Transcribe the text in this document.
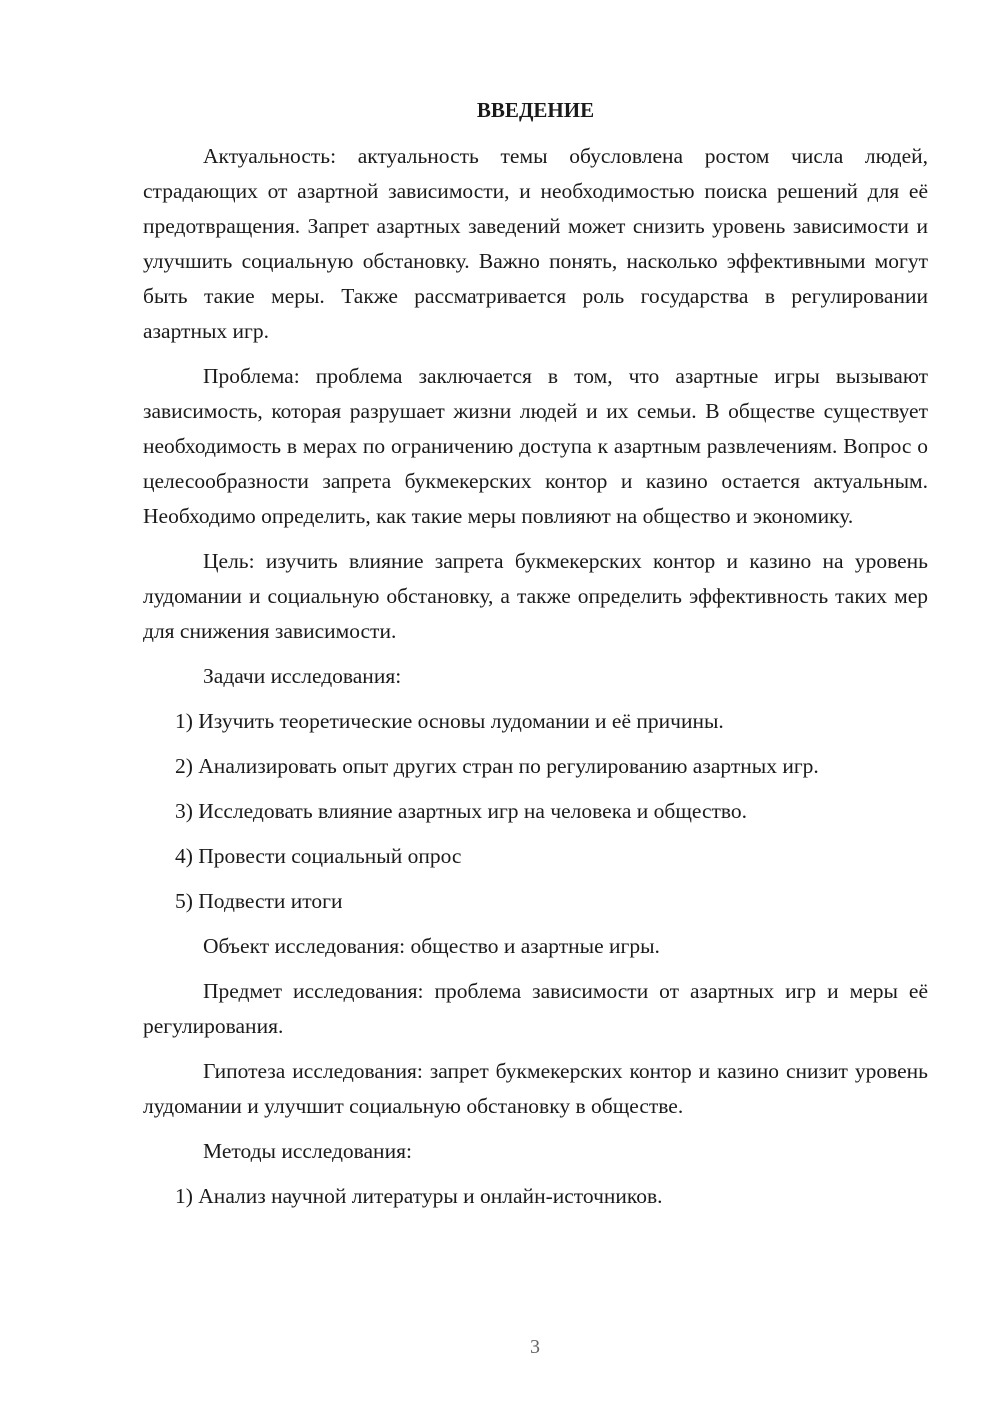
ВВЕДЕНИЕ

Актуальность: актуальность темы обусловлена ростом числа людей, страдающих от азартной зависимости, и необходимостью поиска решений для её предотвращения. Запрет азартных заведений может снизить уровень зависимости и улучшить социальную обстановку. Важно понять, насколько эффективными могут быть такие меры. Также рассматривается роль государства в регулировании азартных игр.

Проблема: проблема заключается в том, что азартные игры вызывают зависимость, которая разрушает жизни людей и их семьи. В обществе существует необходимость в мерах по ограничению доступа к азартным развлечениям. Вопрос о целесообразности запрета букмекерских контор и казино остается актуальным. Необходимо определить, как такие меры повлияют на общество и экономику.

Цель: изучить влияние запрета букмекерских контор и казино на уровень лудомании и социальную обстановку, а также определить эффективность таких мер для снижения зависимости.

Задачи исследования:
1) Изучить теоретические основы лудомании и её причины.
2) Анализировать опыт других стран по регулированию азартных игр.
3) Исследовать влияние азартных игр на человека и общество.
4) Провести социальный опрос
5) Подвести итоги
Объект исследования: общество и азартные игры.

Предмет исследования: проблема зависимости от азартных игр и меры её регулирования.

Гипотеза исследования: запрет букмекерских контор и казино снизит уровень лудомании и улучшит социальную обстановку в обществе.

Методы исследования:
1) Анализ научной литературы и онлайн-источников.
3
